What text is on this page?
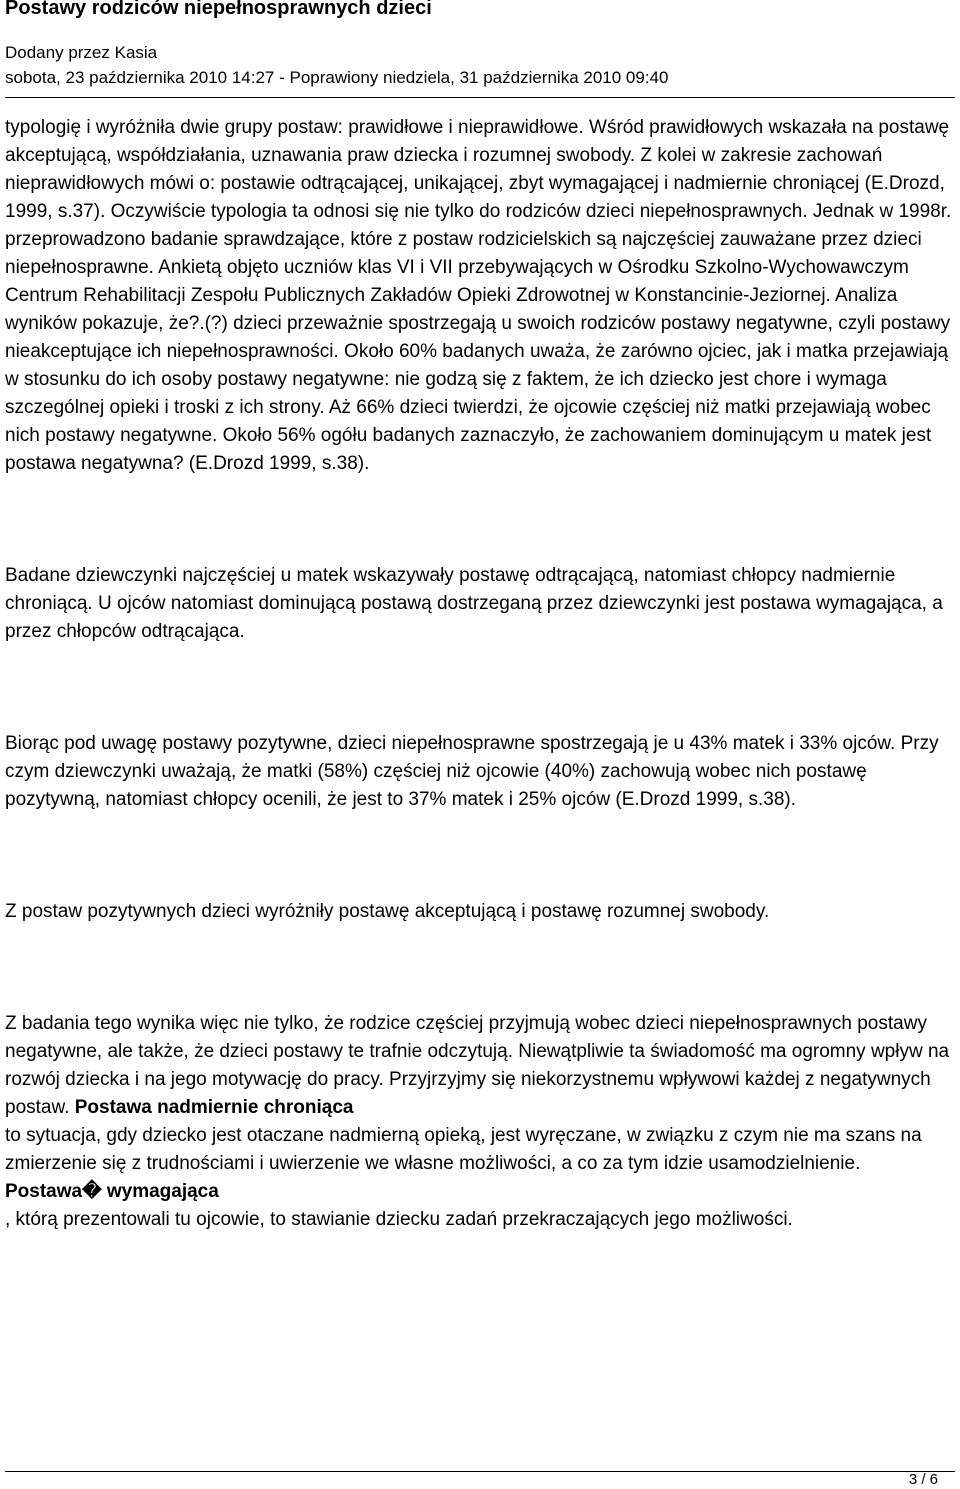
Postawy rodziców niepełnosprawnych dzieci
Dodany przez Kasia
sobota, 23 października 2010 14:27 - Poprawiony niedziela, 31 października 2010 09:40

typologię i wyróżniła dwie grupy postaw: prawidłowe i nieprawidłowe. Wśród prawidłowych wskazała na postawę akceptującą, współdziałania, uznawania praw dziecka i rozumnej swobody. Z kolei w zakresie zachowań nieprawidłowych mówi o: postawie odtrącającej, unikającej, zbyt wymagającej i nadmiernie chroniącej (E.Drozd, 1999, s.37). Oczywiście typologia ta odnosi się nie tylko do rodziców dzieci niepełnosprawnych. Jednak w 1998r. przeprowadzono badanie sprawdzające, które z postaw rodzicielskich są najczęściej zauważane przez dzieci niepełnosprawne. Ankietą objęto uczniów klas VI i VII przebywających w Ośrodku Szkolno-Wychowawczym Centrum Rehabilitacji Zespołu Publicznych Zakładów Opieki Zdrowotnej w Konstancinie-Jeziornej. Analiza wyników pokazuje, że?.(?) dzieci przeważnie spostrzegają u swoich rodziców postawy negatywne, czyli postawy nieakceptujące ich niepełnosprawności. Około 60% badanych uważa, że zarówno ojciec, jak i matka przejawiają w stosunku do ich osoby postawy negatywne: nie godzą się z faktem, że ich dziecko jest chore i wymaga szczególnej opieki i troski z ich strony. Aż 66% dzieci twierdzi, że ojcowie częściej niż matki przejawiają wobec nich postawy negatywne. Około 56% ogółu badanych zaznaczyło, że zachowaniem dominującym u matek jest postawa negatywna? (E.Drozd 1999, s.38).

Badane dziewczynki najczęściej u matek wskazywały postawę odtrącającą, natomiast chłopcy nadmiernie chroniącą. U ojców natomiast dominującą postawą dostrzeganą przez dziewczynki jest postawa wymagająca, a przez chłopców odtrącająca.

Biorąc pod uwagę postawy pozytywne, dzieci niepełnosprawne spostrzegają je u 43% matek i 33% ojców. Przy czym dziewczynki uważają, że matki (58%) częściej niż ojcowie (40%) zachowują wobec nich postawę pozytywną, natomiast chłopcy ocenili, że jest to 37% matek i 25% ojców (E.Drozd 1999, s.38).

Z postaw pozytywnych dzieci wyróżniły postawę akceptującą i postawę rozumnej swobody.

Z badania tego wynika więc nie tylko, że rodzice częściej przyjmują wobec dzieci niepełnosprawnych postawy negatywne, ale także, że dzieci postawy te trafnie odczytują. Niewątpliwie ta świadomość ma ogromny wpływ na rozwój dziecka i na jego motywację do pracy. Przyjrzyjmy się niekorzystnemu wpływowi każdej z negatywnych postaw. Postawa nadmiernie chroniąca

to sytuacja, gdy dziecko jest otaczane nadmierną opieką, jest wyręczane, w związku z czym nie ma szans na zmierzenie się z trudnościami i uwierzenie we własne możliwości, a co za tym idzie usamodzielnienie.

Postawa� wymagająca

, którą prezentowali tu ojcowie, to stawianie dziecku zadań przekraczających jego możliwości.

3 / 6
